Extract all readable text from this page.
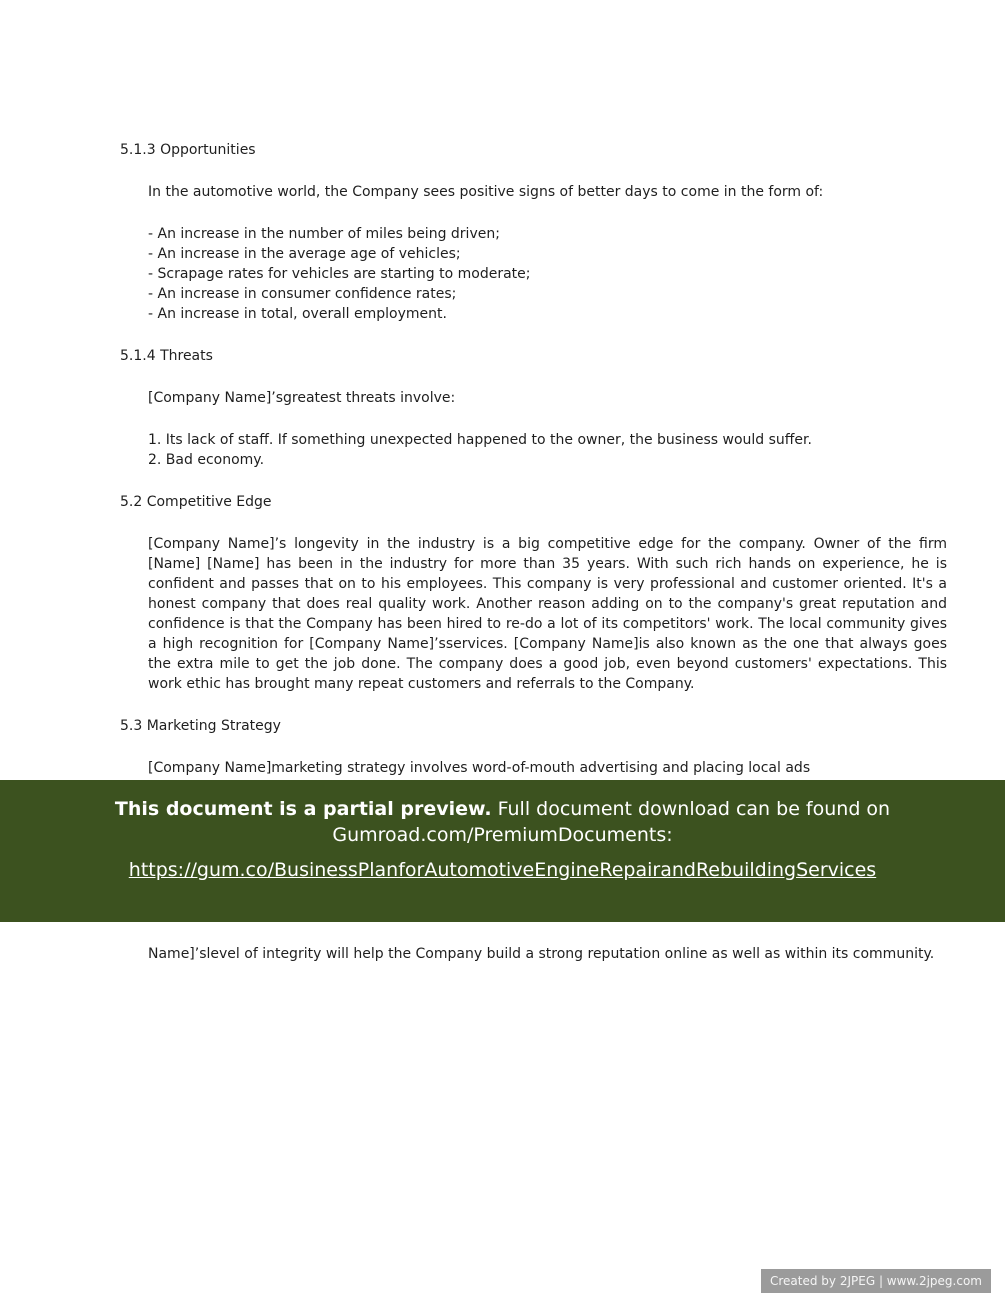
5.1.3 Opportunities

In the automotive world, the Company sees positive signs of better days to come in the form of:

- An increase in the number of miles being driven;
- An increase in the average age of vehicles;
- Scrapage rates for vehicles are starting to moderate;
- An increase in consumer confidence rates;
- An increase in total, overall employment.
5.1.4 Threats

[Company Name]’sgreatest threats involve:

1. Its lack of staff. If something unexpected happened to the owner, the business would suffer.
2. Bad economy.
5.2 Competitive Edge

[Company Name]’s longevity in the industry is a big competitive edge for the company. Owner of the firm [Name] [Name] has been in the industry for more than 35 years. With such rich hands on experience, he is confident and passes that on to his employees. This company is very professional and customer oriented. It's a honest company that does real quality work. Another reason adding on to the company's great reputation and confidence is that the Company has been hired to re-do a lot of its competitors' work. The local community gives a high recognition for [Company Name]’sservices. [Company Name]is also known as the one that always goes the extra mile to get the job done. The company does a good job, even beyond customers' expectations. This work ethic has brought many repeat customers and referrals to the Company.

5.3 Marketing Strategy

[Company Name]marketing strategy involves word-of-mouth advertising and placing local ads

This document is a partial preview. Full document download can be found on Gumroad.com/PremiumDocuments:

https://gum.co/BusinessPlanforAutomotiveEngineRepairandRebuildingServices

Name]’slevel of integrity will help the Company build a strong reputation online as well as within its community.

Created by 2JPEG | www.2jpeg.com
